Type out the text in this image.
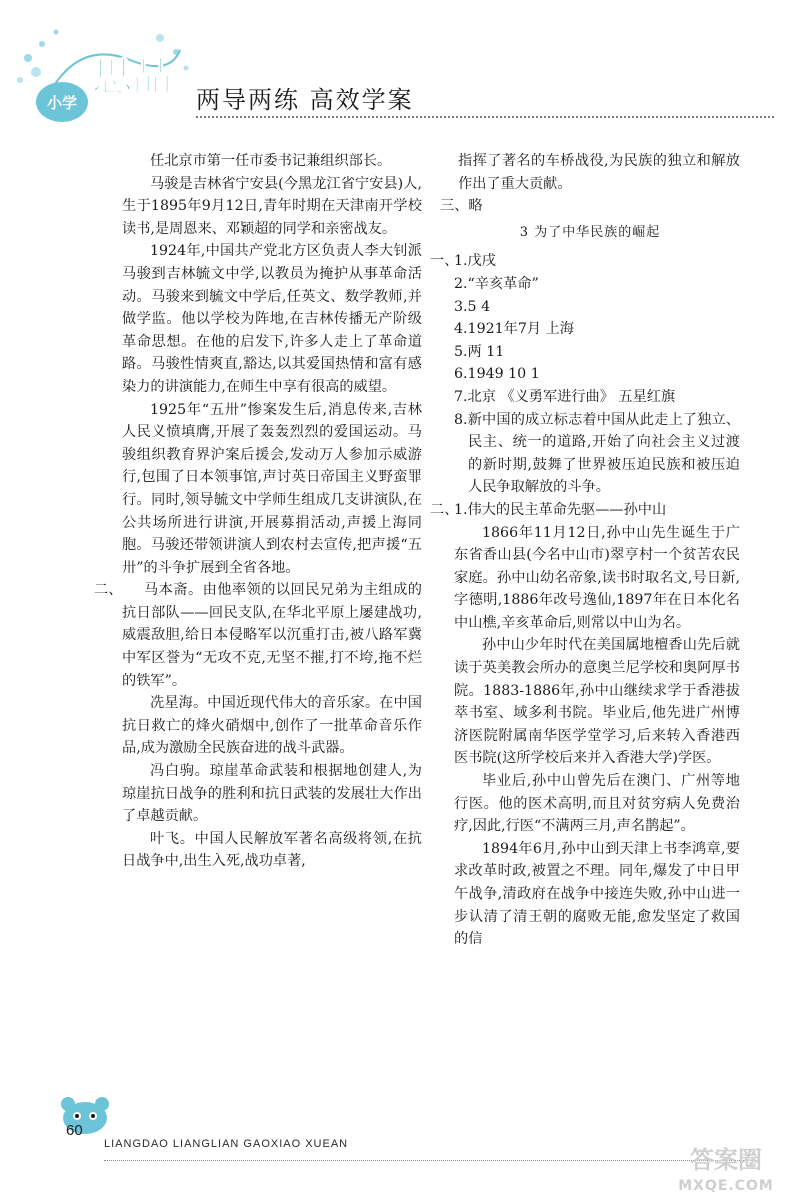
小学
思品 两导两练 高效学案

任北京市第一任市委书记兼组织部长。

马骏是吉林省宁安县(今黑龙江省宁安县)人,生于1895年9月12日,青年时期在天津南开学校读书,是周恩来、邓颖超的同学和亲密战友。

1924年,中国共产党北方区负责人李大钊派马骏到吉林毓文中学,以教员为掩护从事革命活动。马骏来到毓文中学后,任英文、数学教师,并做学监。他以学校为阵地,在吉林传播无产阶级革命思想。在他的启发下,许多人走上了革命道路。马骏性情爽直,豁达,以其爱国热情和富有感染力的讲演能力,在师生中享有很高的威望。

1925年“五卅”惨案发生后,消息传来,吉林人民义愤填膺,开展了轰轰烈烈的爱国运动。马骏组织教育界沪案后援会,发动万人参加示威游行,包围了日本领事馆,声讨英日帝国主义野蛮罪行。同时,领导毓文中学师生组成几支讲演队,在公共场所进行讲演,开展募捐活动,声援上海同胞。马骏还带领讲演人到农村去宣传,把声援“五卅”的斗争扩展到全省各地。

二、	马本斋。由他率领的以回民兄弟为主组成的抗日部队——回民支队,在华北平原上屡建战功,威震敌胆,给日本侵略军以沉重打击,被八路军冀中军区誉为“无攻不克,无坚不摧,打不垮,拖不烂的铁军”。

冼星海。中国近现代伟大的音乐家。在中国抗日救亡的烽火硝烟中,创作了一批革命音乐作品,成为激励全民族奋进的战斗武器。

冯白驹。琼崖革命武装和根据地创建人,为琼崖抗日战争的胜利和抗日武装的发展壮大作出了卓越贡献。

叶飞。中国人民解放军著名高级将领,在抗日战争中,出生入死,战功卓著,

指挥了著名的车桥战役,为民族的独立和解放作出了重大贡献。

三、略

3 为了中华民族的崛起

一、

1.戊戌

2.“辛亥革命”

3.5 4

4.1921年7月 上海

5.两 11

6.1949 10 1

7.北京 《义勇军进行曲》 五星红旗

8.新中国的成立标志着中国从此走上了独立、民主、统一的道路,开始了向社会主义过渡的新时期,鼓舞了世界被压迫民族和被压迫人民争取解放的斗争。

二、

1.伟大的民主革命先驱——孙中山

1866年11月12日,孙中山先生诞生于广东省香山县(今名中山市)翠亨村一个贫苦农民家庭。孙中山幼名帝象,读书时取名文,号日新,字德明,1886年改号逸仙,1897年在日本化名中山樵,辛亥革命后,则常以中山为名。

孙中山少年时代在美国属地檀香山先后就读于英美教会所办的意奥兰尼学校和奥阿厚书院。1883-1886年,孙中山继续求学于香港拔萃书室、域多利书院。毕业后,他先进广州博济医院附属南华医学堂学习,后来转入香港西医书院(这所学校后来并入香港大学)学医。

毕业后,孙中山曾先后在澳门、广州等地行医。他的医术高明,而且对贫穷病人免费治疗,因此,行医“不满两三月,声名鹊起”。

1894年6月,孙中山到天津上书李鸿章,要求改革时政,被置之不理。同年,爆发了中日甲午战争,清政府在战争中接连失败,孙中山进一步认清了清王朝的腐败无能,愈发坚定了救国的信

60
LIANGDAO LIANGLIAN GAOXIAO XUEAN
答案圈
MXQE.COM
